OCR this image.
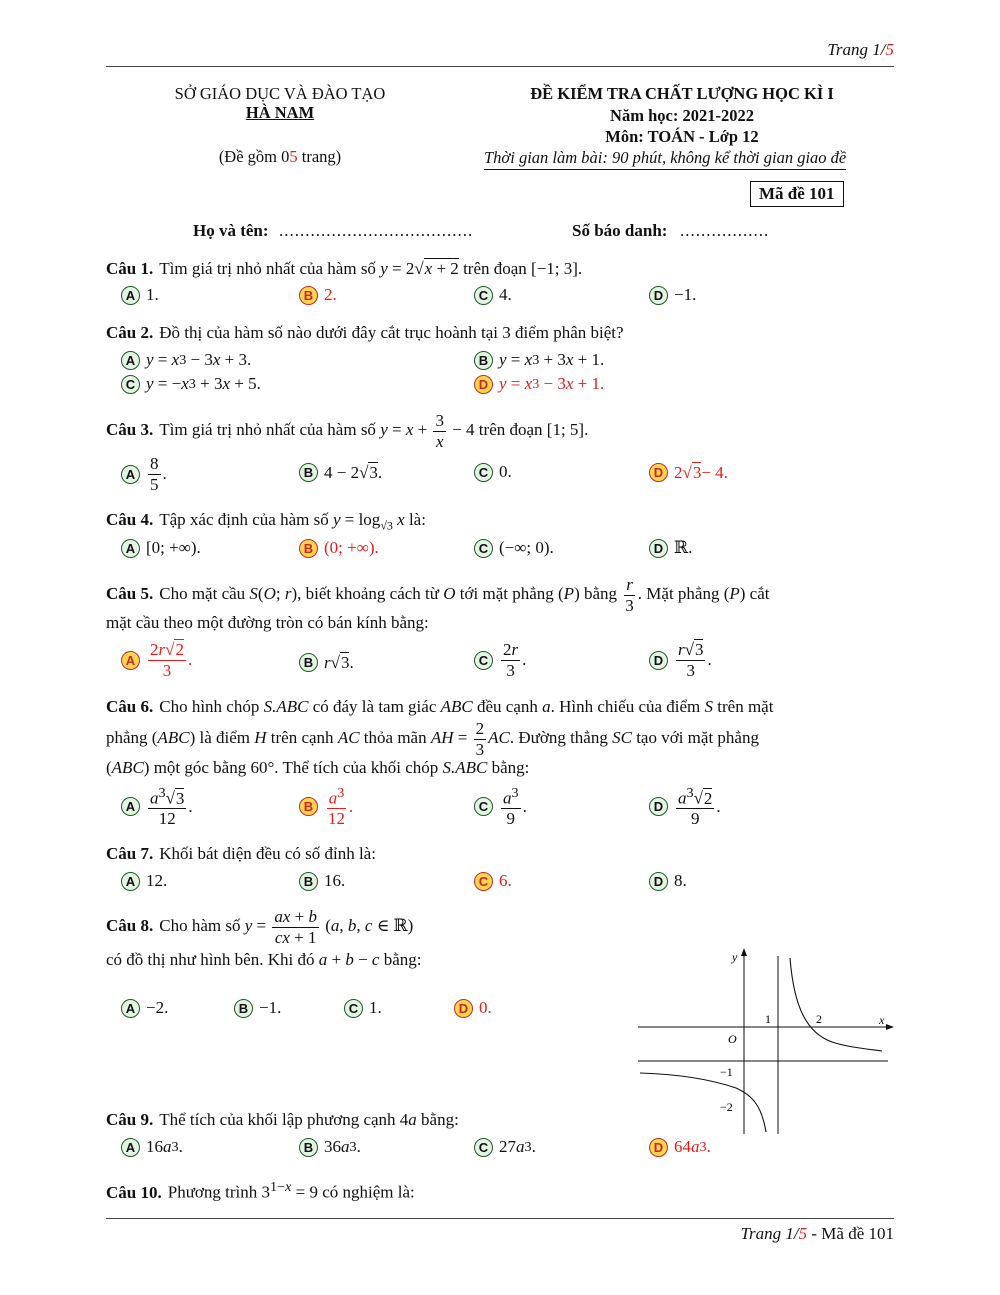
Trang 1/5
SỞ GIÁO DỤC VÀ ĐÀO TẠO
HÀ NAM
(Đề gồm 05 trang)
ĐỀ KIỂM TRA CHẤT LƯỢNG HỌC KÌ I
Năm học: 2021-2022
Môn: TOÁN - Lớp 12
Thời gian làm bài: 90 phút, không kể thời gian giao đề
Mã đề 101
Họ và tên: .....................................	Số báo danh: .................
Câu 1. Tìm giá trị nhỏ nhất của hàm số y = 2√x + 2 trên đoạn [−1; 3].
A 1.	B 2.	C 4.	D −1.
Câu 2. Đồ thị của hàm số nào dưới đây cắt trục hoành tại 3 điểm phân biệt?
A y = x 3 − 3 x + 3.	B y = x 3 + 3 x + 1.
C y = − x 3 + 3 x + 5.	D y = x 3 − 3 x + 1.
Câu 3. Tìm giá trị nhỏ nhất của hàm số $y = x + \frac{3}{x} - 4$ trên đoạn [1; 5].
A $\frac{8}{5}$ .	B 4 − 2√ 3 .	C 0.	D 2√ 3 − 4.
Câu 4. Tập xác định của hàm số $y = \log_{√3} x$ là:
A [0; +∞).	B (0; +∞).	C (−∞; 0).	D ℝ.
Câu 5. Cho mặt cầu S(O; r), biết khoảng cách từ O tới mặt phẳng (P) bằng $\frac{r}{3}$ . Mặt phẳng (P) cắt
mặt cầu theo một đường tròn có bán kính bằng:
A $\frac{2r√2}{3}$ .	B r √ 3 .	C $\frac{2r}{3}$ .	D $\frac{r√3}{3}$ .
Câu 6. Cho hình chóp S.ABC có đáy là tam giác ABC đều cạnh a. Hình chiếu của điểm S trên mặt
phẳng (ABC) là điểm H trên cạnh AC thỏa mãn AH = $\frac{2}{3}$ AC. Đường thẳng SC tạo với mặt phẳng
(ABC) một góc bằng 60°. Thể tích của khối chóp S.ABC bằng:
A $\frac{a^3√3}{12}$ .	B $\frac{a^3}{12}$ .	C $\frac{a^3}{9}$ .	D $\frac{a^3√2}{9}$ .
Câu 7. Khối bát diện đều có số đỉnh là:
A 12.	B 16.	C 6.	D 8.
Câu 8. Cho hàm số $y = \frac{ax + b}{cx + 1} (a$, b, c ∈ ℝ)
có đồ thị như hình bên. Khi đó a + b − c bằng:
A −2.	B −1.	C 1.	D 0.
y
x
O
1	2
−1
−2
Câu 9. Thể tích của khối lập phương cạnh 4a bằng:
A 16 a 3 .	B 36 a 3 .	C 27 a 3 .	D 64 a 3 .
Câu 10. Phương trình $3^{1-x} = 9$ có nghiệm là:
Trang 1/5 - Mã đề 101
